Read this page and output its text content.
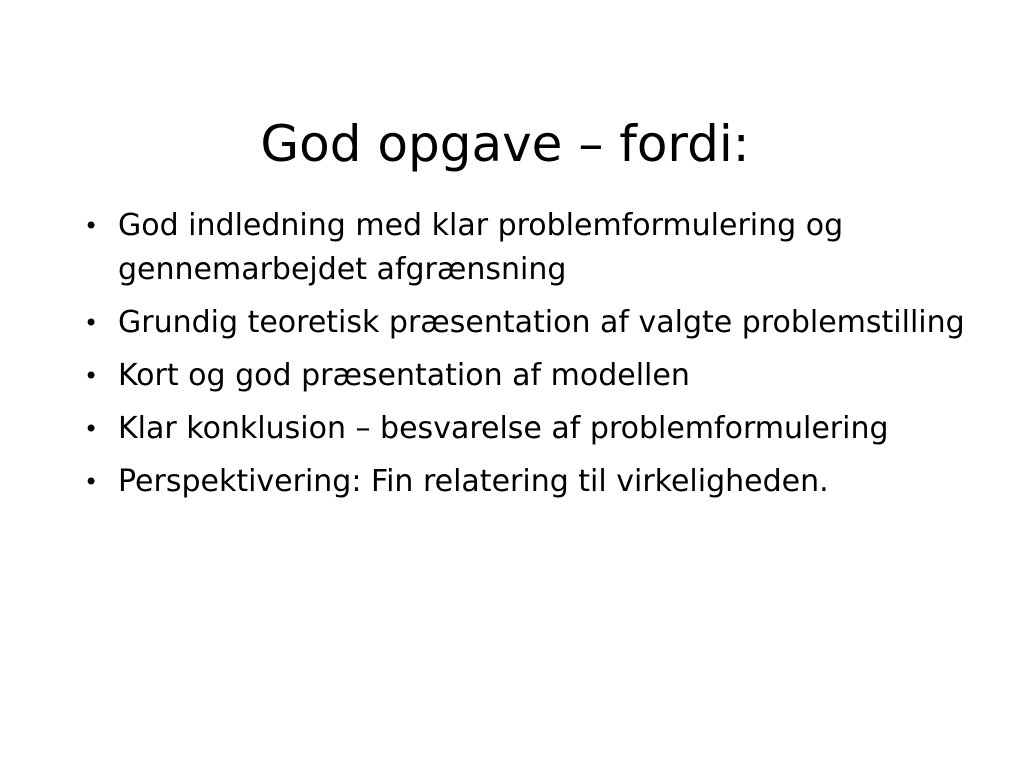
God opgave – fordi:
• God indledning med klar problemformulering og gennemarbejdet afgrænsning
• Grundig teoretisk præsentation af valgte problemstilling
• Kort og god præsentation af modellen
• Klar konklusion – besvarelse af problemformulering
• Perspektivering: Fin relatering til virkeligheden.
